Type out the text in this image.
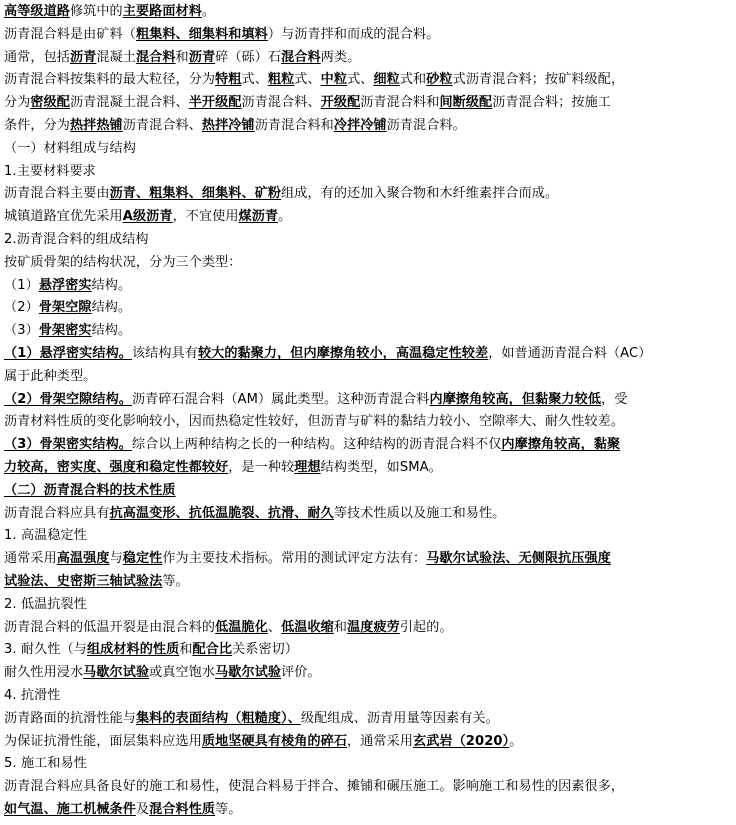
高等级道路修筑中的主要路面材料。
沥青混合料是由矿料（粗集料、细集料和填料）与沥青拌和而成的混合料。
通常，包括沥青混凝土混合料和沥青碎（砾）石混合料两类。
沥青混合料按集料的最大粒径，分为特粗式、粗粒式、中粒式、细粒式和砂粒式沥青混合料；按矿料级配，
分为密级配沥青混凝土混合料、半开级配沥青混合料、开级配沥青混合料和间断级配沥青混合料；按施工
条件，分为热拌热铺沥青混合料、热拌冷铺沥青混合料和冷拌冷铺沥青混合料。
（一）材料组成与结构
1.主要材料要求
沥青混合料主要由沥青、粗集料、细集料、矿粉组成，有的还加入聚合物和木纤维素拌合而成。
城镇道路宜优先采用A级沥青，不宜使用煤沥青。
2.沥青混合料的组成结构
按矿质骨架的结构状况，分为三个类型：
（1）悬浮密实结构。
（2）骨架空隙结构。
（3）骨架密实结构。
（1）悬浮密实结构。该结构具有较大的黏聚力，但内摩擦角较小，高温稳定性较差，如普通沥青混合料（AC）
属于此种类型。
（2）骨架空隙结构。沥青碎石混合料（AM）属此类型。这种沥青混合料内摩擦角较高，但黏聚力较低，受
沥青材料性质的变化影响较小，因而热稳定性较好，但沥青与矿料的黏结力较小、空隙率大、耐久性较差。
（3）骨架密实结构。综合以上两种结构之长的一种结构。这种结构的沥青混合料不仅内摩擦角较高，黏聚
力较高，密实度、强度和稳定性都较好，是一种较理想结构类型，如SMA。
（二）沥青混合料的技术性质
沥青混合料应具有抗高温变形、抗低温脆裂、抗滑、耐久等技术性质以及施工和易性。
1. 高温稳定性
通常采用高温强度与稳定性作为主要技术指标。常用的测试评定方法有：马歇尔试验法、无侧限抗压强度
试验法、史密斯三轴试验法等。
2. 低温抗裂性
沥青混合料的低温开裂是由混合料的低温脆化、低温收缩和温度疲劳引起的。
3. 耐久性（与组成材料的性质和配合比关系密切）
耐久性用浸水马歇尔试验或真空饱水马歇尔试验评价。
4. 抗滑性
沥青路面的抗滑性能与集料的表面结构（粗糙度）、级配组成、沥青用量等因素有关。
为保证抗滑性能，面层集料应选用质地坚硬具有棱角的碎石，通常采用玄武岩（2020）。
5. 施工和易性
沥青混合料应具备良好的施工和易性，使混合料易于拌合、摊铺和碾压施工。影响施工和易性的因素很多，
如气温、施工机械条件及混合料性质等。
